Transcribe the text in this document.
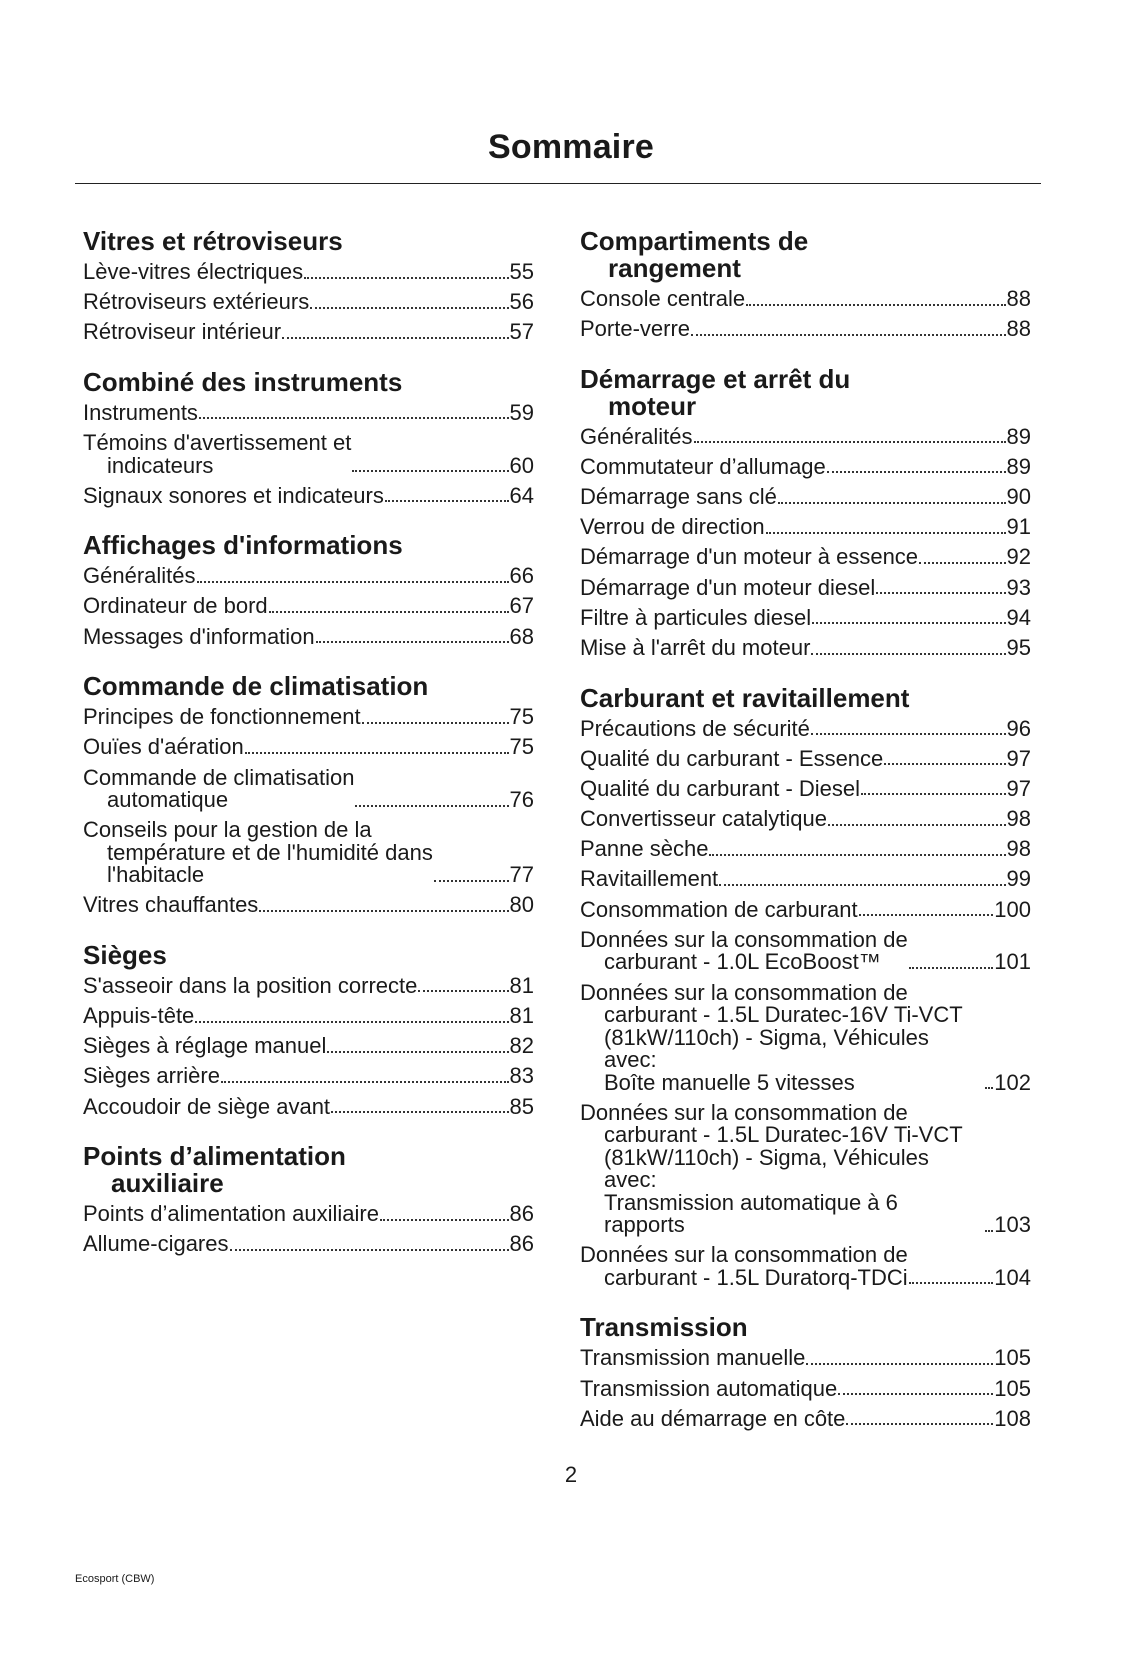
Sommaire
Vitres et rétroviseurs
Lève-vitres électriques	55
Rétroviseurs extérieurs	56
Rétroviseur intérieur	57
Combiné des instruments
Instruments	59
Témoins d'avertissement et
indicateurs	60
Signaux sonores et indicateurs	64
Affichages d'informations
Généralités	66
Ordinateur de bord	67
Messages d'information	68
Commande de climatisation
Principes de fonctionnement	75
Ouïes d'aération	75
Commande de climatisation
automatique	76
Conseils pour la gestion de la
température et de l'humidité dans
l'habitacle	77
Vitres chauffantes	80
Sièges
S'asseoir dans la position correcte	81
Appuis-tête	81
Sièges à réglage manuel	82
Sièges arrière	83
Accoudoir de siège avant	85
Points d’alimentation
auxiliaire
Points d’alimentation auxiliaire	86
Allume-cigares	86
Compartiments de
rangement
Console centrale	88
Porte-verre	88
Démarrage et arrêt du
moteur
Généralités	89
Commutateur d’allumage	89
Démarrage sans clé	90
Verrou de direction	91
Démarrage d'un moteur à essence	92
Démarrage d'un moteur diesel	93
Filtre à particules diesel	94
Mise à l'arrêt du moteur	95
Carburant et ravitaillement
Précautions de sécurité	96
Qualité du carburant - Essence	97
Qualité du carburant - Diesel	97
Convertisseur catalytique	98
Panne sèche	98
Ravitaillement	99
Consommation de carburant	100
Données sur la consommation de
carburant - 1.0L EcoBoost™	101
Données sur la consommation de
carburant - 1.5L Duratec-16V Ti-VCT
(81kW/110ch) - Sigma, Véhicules avec:
Boîte manuelle 5 vitesses	102
Données sur la consommation de
carburant - 1.5L Duratec-16V Ti-VCT
(81kW/110ch) - Sigma, Véhicules avec:
Transmission automatique à 6
rapports	103
Données sur la consommation de
carburant - 1.5L Duratorq-TDCi	104
Transmission
Transmission manuelle	105
Transmission automatique	105
Aide au démarrage en côte	108
2
Ecosport (CBW)
